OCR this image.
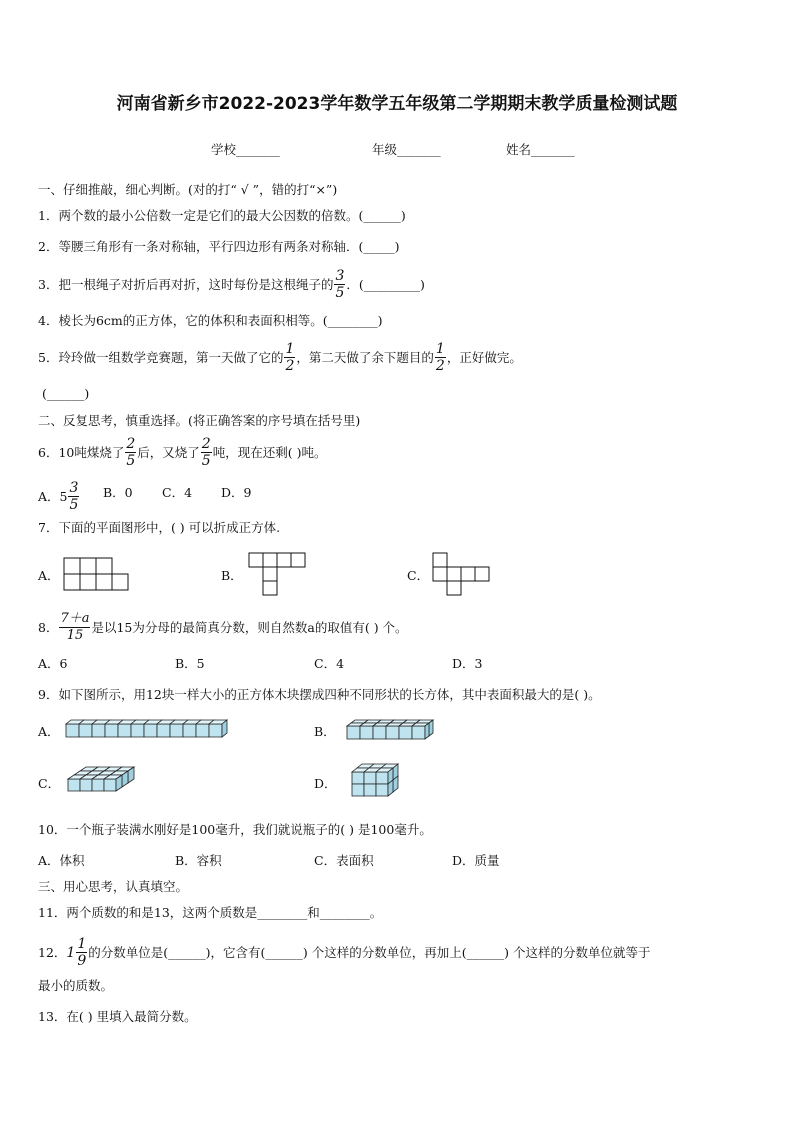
河南省新乡市2022-2023学年数学五年级第二学期期末教学质量检测试题
学校_______	年级_______	姓名_______
一、仔细推敲，细心判断。(对的打“ √ ”，错的打“×”)
1．两个数的最小公倍数一定是它们的最大公因数的倍数。(______)
2．等腰三角形有一条对称轴，平行四边形有两条对称轴．(_____)
3．把一根绳子对折后再对折，这时每份是这根绳子的 $\frac{3}{5}$ ．(_________)
4．棱长为6cm的正方体，它的体积和表面积相等。(________)
5．玲玲做一组数学竞赛题，第一天做了它的 $\frac{1}{2}$ ，第二天做了余下题目的 $\frac{1}{2}$ ，正好做完。
(______)
二、反复思考，慎重选择。(将正确答案的序号填在括号里)
6．10吨煤烧了 $\frac{2}{5}$ 后，又烧了 $\frac{2}{5}$ 吨，现在还剩( )吨。
A．$5 \frac{3}{5}$ B．0 C．4 D．9
7．下面的平面图形中，( ) 可以折成正方体.
A．	B．	C．
8． $\frac{7+a}{15}$ 是以15为分母的最简真分数，则自然数a的取值有( ) 个。
A．6	B．5	C．4	D．3
9．如下图所示，用12块一样大小的正方体木块摆成四种不同形状的长方体，其中表面积最大的是( )。
A．	B．
C．	D．
10．一个瓶子装满水刚好是100毫升，我们就说瓶子的( ) 是100毫升。
A．体积	B．容积	C．表面积	D．质量
三、用心思考，认真填空。
11．两个质数的和是13，这两个质数是________和________。
12． $1 \frac{1}{9}$ 的分数单位是(______)，它含有(______) 个这样的分数单位，再加上(______) 个这样的分数单位就等于
最小的质数。
13．在( ) 里填入最简分数。
